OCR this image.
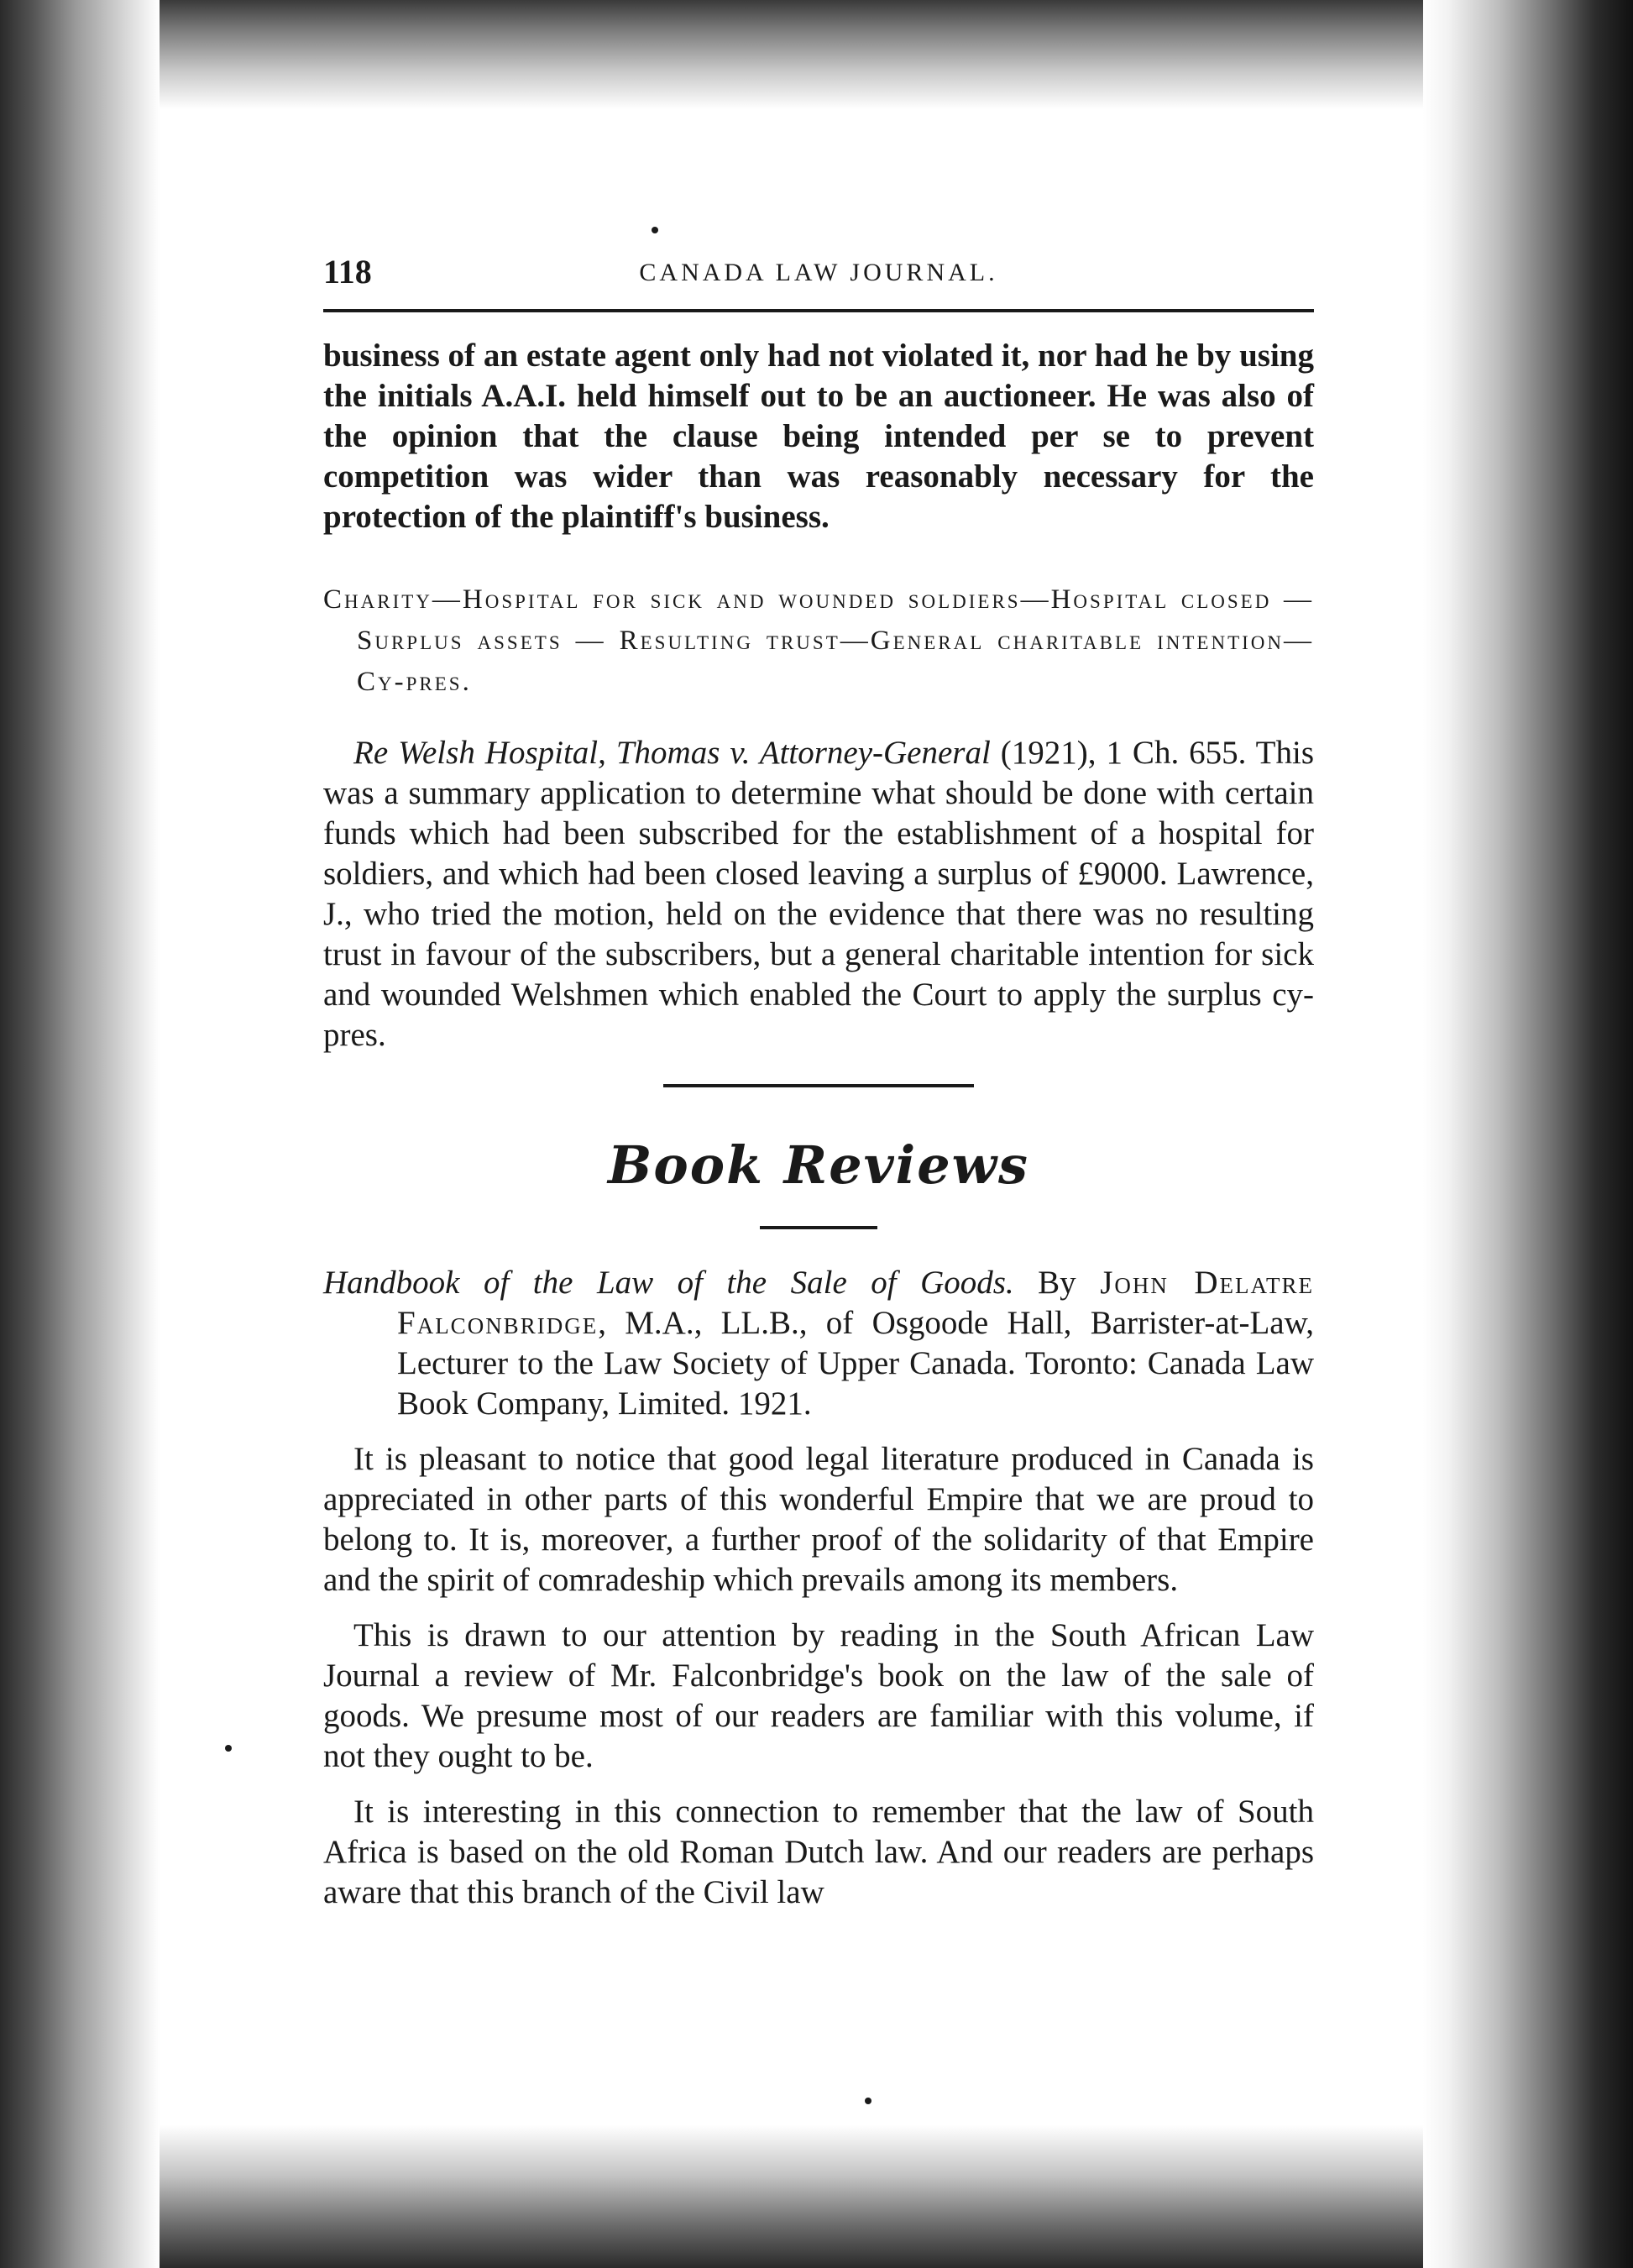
118	CANADA LAW JOURNAL.

business of an estate agent only had not violated it, nor had he by using the initials A.A.I. held himself out to be an auctioneer. He was also of the opinion that the clause being intended per se to prevent competition was wider than was reasonably necessary for the protection of the plaintiff's business.

Charity—Hospital for sick and wounded soldiers—Hospital closed — Surplus assets — Resulting trust—General charitable intention—Cy-pres.

Re Welsh Hospital, Thomas v. Attorney-General (1921), 1 Ch. 655. This was a summary application to determine what should be done with certain funds which had been subscribed for the establishment of a hospital for soldiers, and which had been closed leaving a surplus of £9000. Lawrence, J., who tried the motion, held on the evidence that there was no resulting trust in favour of the subscribers, but a general charitable intention for sick and wounded Welshmen which enabled the Court to apply the surplus cy-pres.

Book Reviews

Handbook of the Law of the Sale of Goods. By John Delatre Falconbridge, M.A., LL.B., of Osgoode Hall, Barrister-at-Law, Lecturer to the Law Society of Upper Canada. Toronto: Canada Law Book Company, Limited. 1921.

It is pleasant to notice that good legal literature produced in Canada is appreciated in other parts of this wonderful Empire that we are proud to belong to. It is, moreover, a further proof of the solidarity of that Empire and the spirit of comradeship which prevails among its members.

This is drawn to our attention by reading in the South African Law Journal a review of Mr. Falconbridge's book on the law of the sale of goods. We presume most of our readers are familiar with this volume, if not they ought to be.

It is interesting in this connection to remember that the law of South Africa is based on the old Roman Dutch law. And our readers are perhaps aware that this branch of the Civil law
